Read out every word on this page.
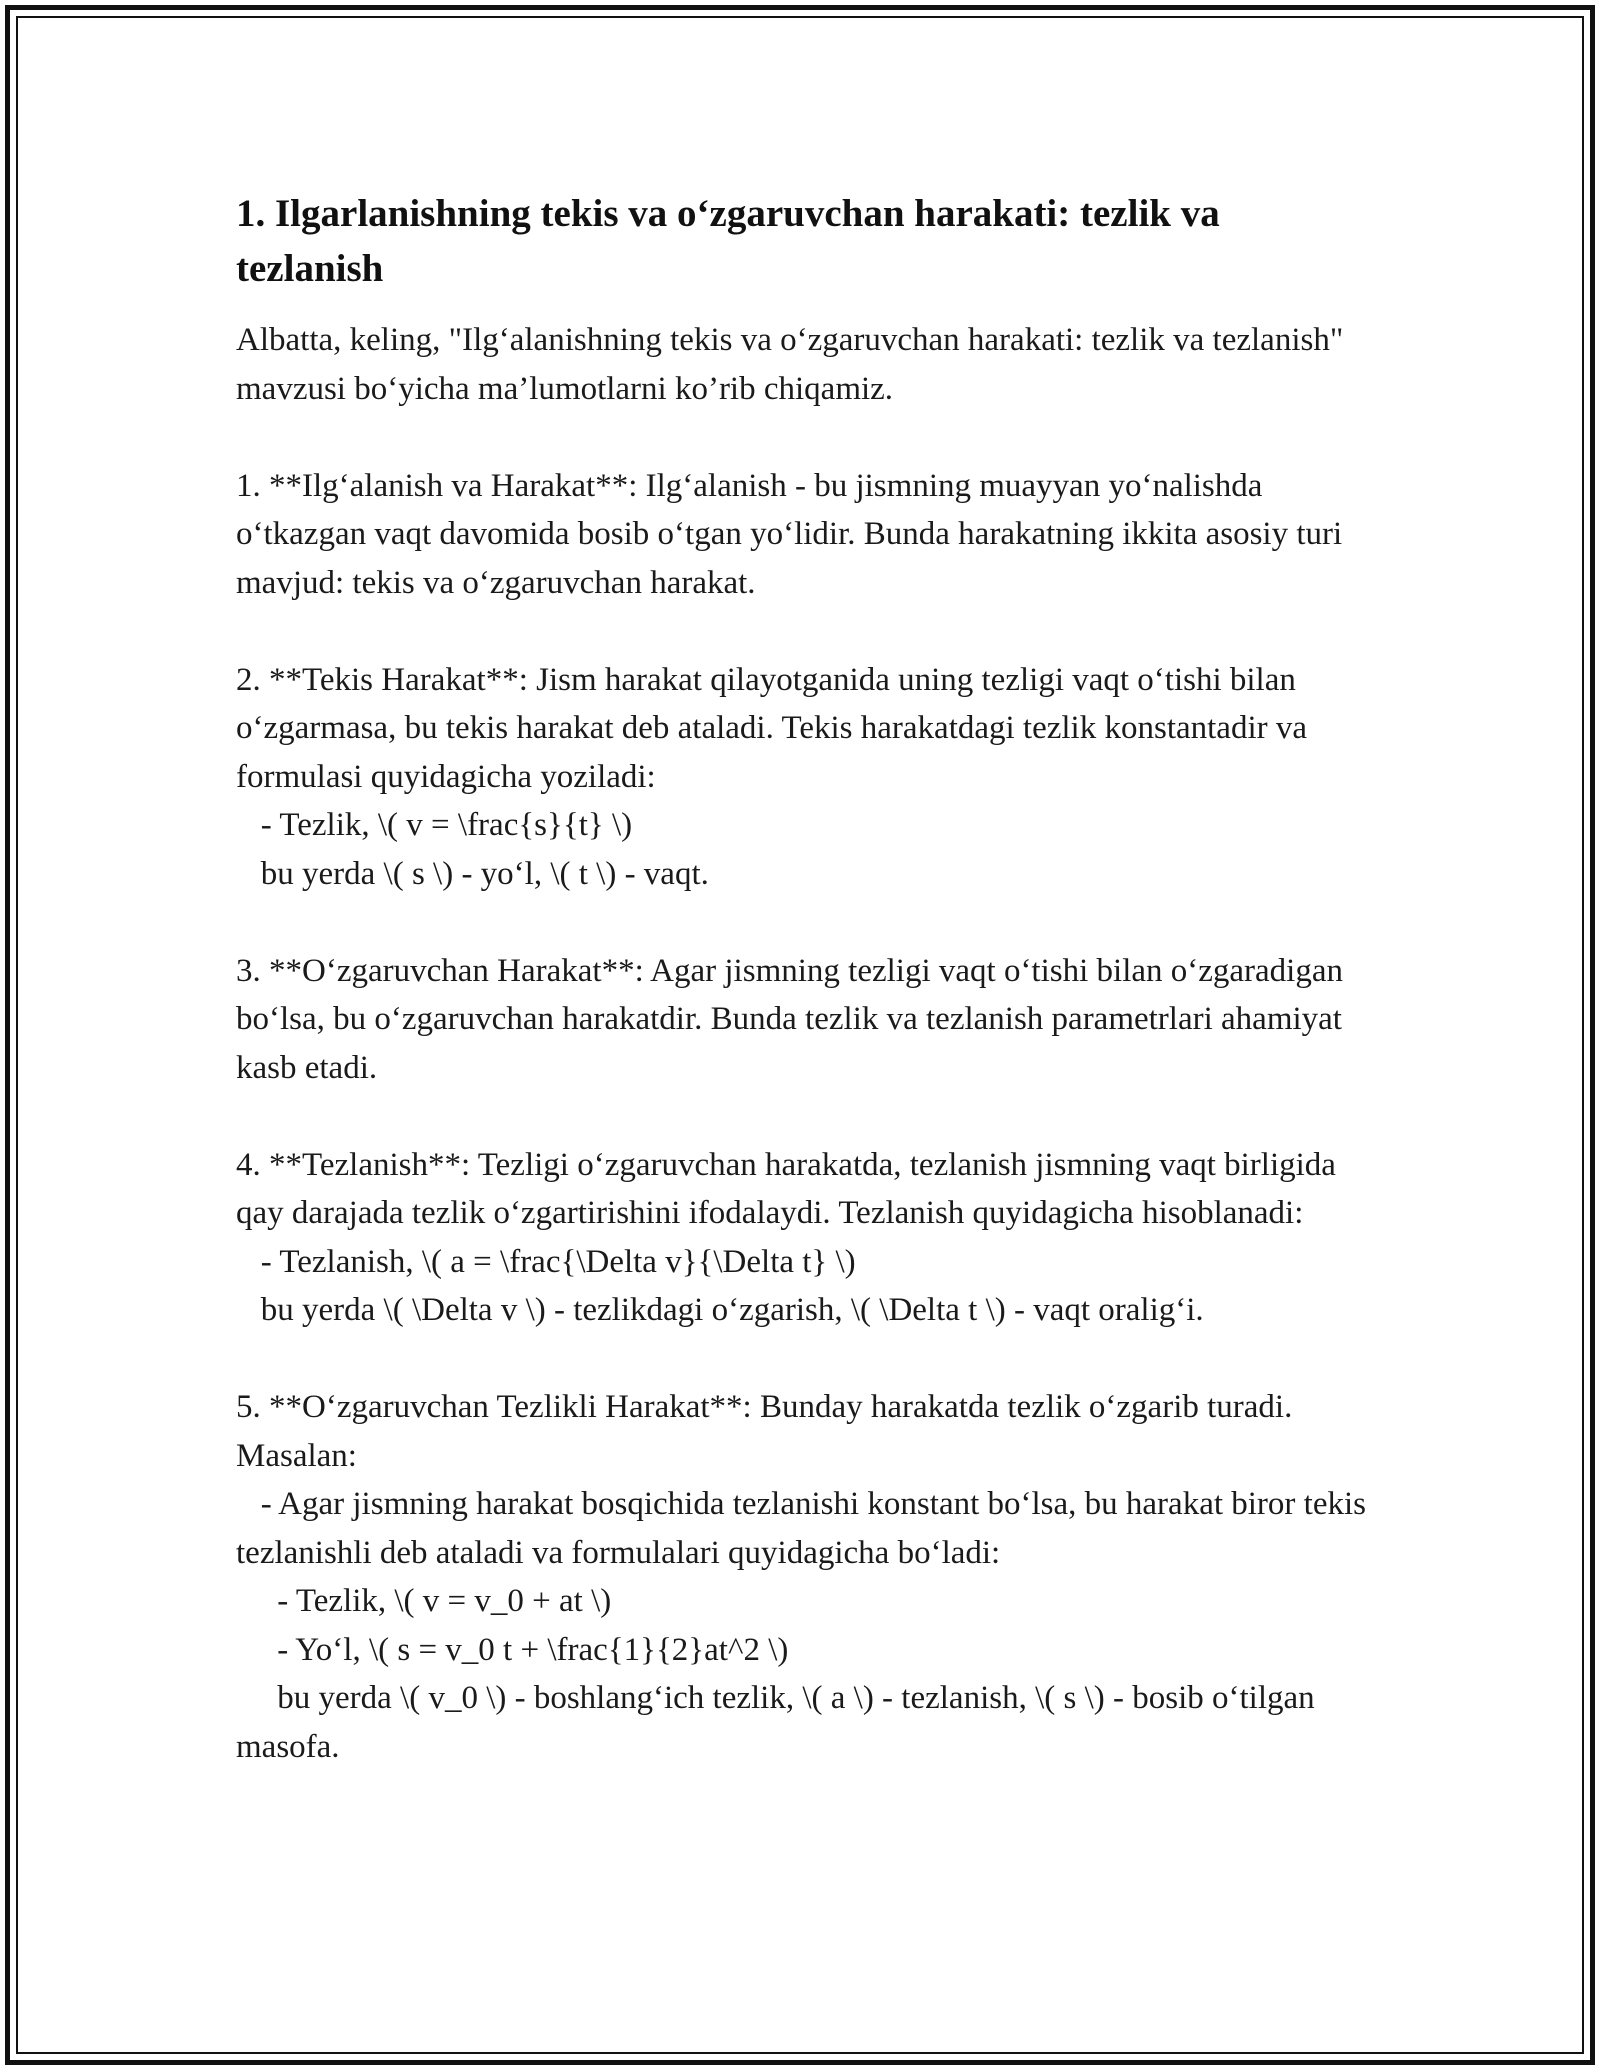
1. Ilgarlanishning tekis va o‘zgaruvchan harakati: tezlik va tezlanish

Albatta, keling, "Ilg‘alanishning tekis va o‘zgaruvchan harakati: tezlik va tezlanish" mavzusi bo‘yicha ma’lumotlarni ko’rib chiqamiz.

1. **Ilg‘alanish va Harakat**: Ilg‘alanish - bu jismning muayyan yo‘nalishda o‘tkazgan vaqt davomida bosib o‘tgan yo‘lidir. Bunda harakatning ikkita asosiy turi mavjud: tekis va o‘zgaruvchan harakat.

2. **Tekis Harakat**: Jism harakat qilayotganida uning tezligi vaqt o‘tishi bilan o‘zgarmasa, bu tekis harakat deb ataladi. Tekis harakatdagi tezlik konstantadir va formulasi quyidagicha yoziladi:

- Tezlik, \( v = \frac{s}{t} \)

bu yerda \( s \) - yo‘l, \( t \) - vaqt.

3. **O‘zgaruvchan Harakat**: Agar jismning tezligi vaqt o‘tishi bilan o‘zgaradigan bo‘lsa, bu o‘zgaruvchan harakatdir. Bunda tezlik va tezlanish parametrlari ahamiyat kasb etadi.

4. **Tezlanish**: Tezligi o‘zgaruvchan harakatda, tezlanish jismning vaqt birligida qay darajada tezlik o‘zgartirishini ifodalaydi. Tezlanish quyidagicha hisoblanadi:

- Tezlanish, \( a = \frac{\Delta v}{\Delta t} \)

bu yerda \( \Delta v \) - tezlikdagi o‘zgarish, \( \Delta t \) - vaqt oralig‘i.

5. **O‘zgaruvchan Tezlikli Harakat**: Bunday harakatda tezlik o‘zgarib turadi. Masalan:

- Agar jismning harakat bosqichida tezlanishi konstant bo‘lsa, bu harakat biror tekis tezlanishli deb ataladi va formulalari quyidagicha bo‘ladi:

- Tezlik, \( v = v_0 + at \)

- Yo‘l, \( s = v_0 t + \frac{1}{2}at^2 \)

bu yerda \( v_0 \) - boshlang‘ich tezlik, \( a \) - tezlanish, \( s \) - bosib o‘tilgan masofa.
